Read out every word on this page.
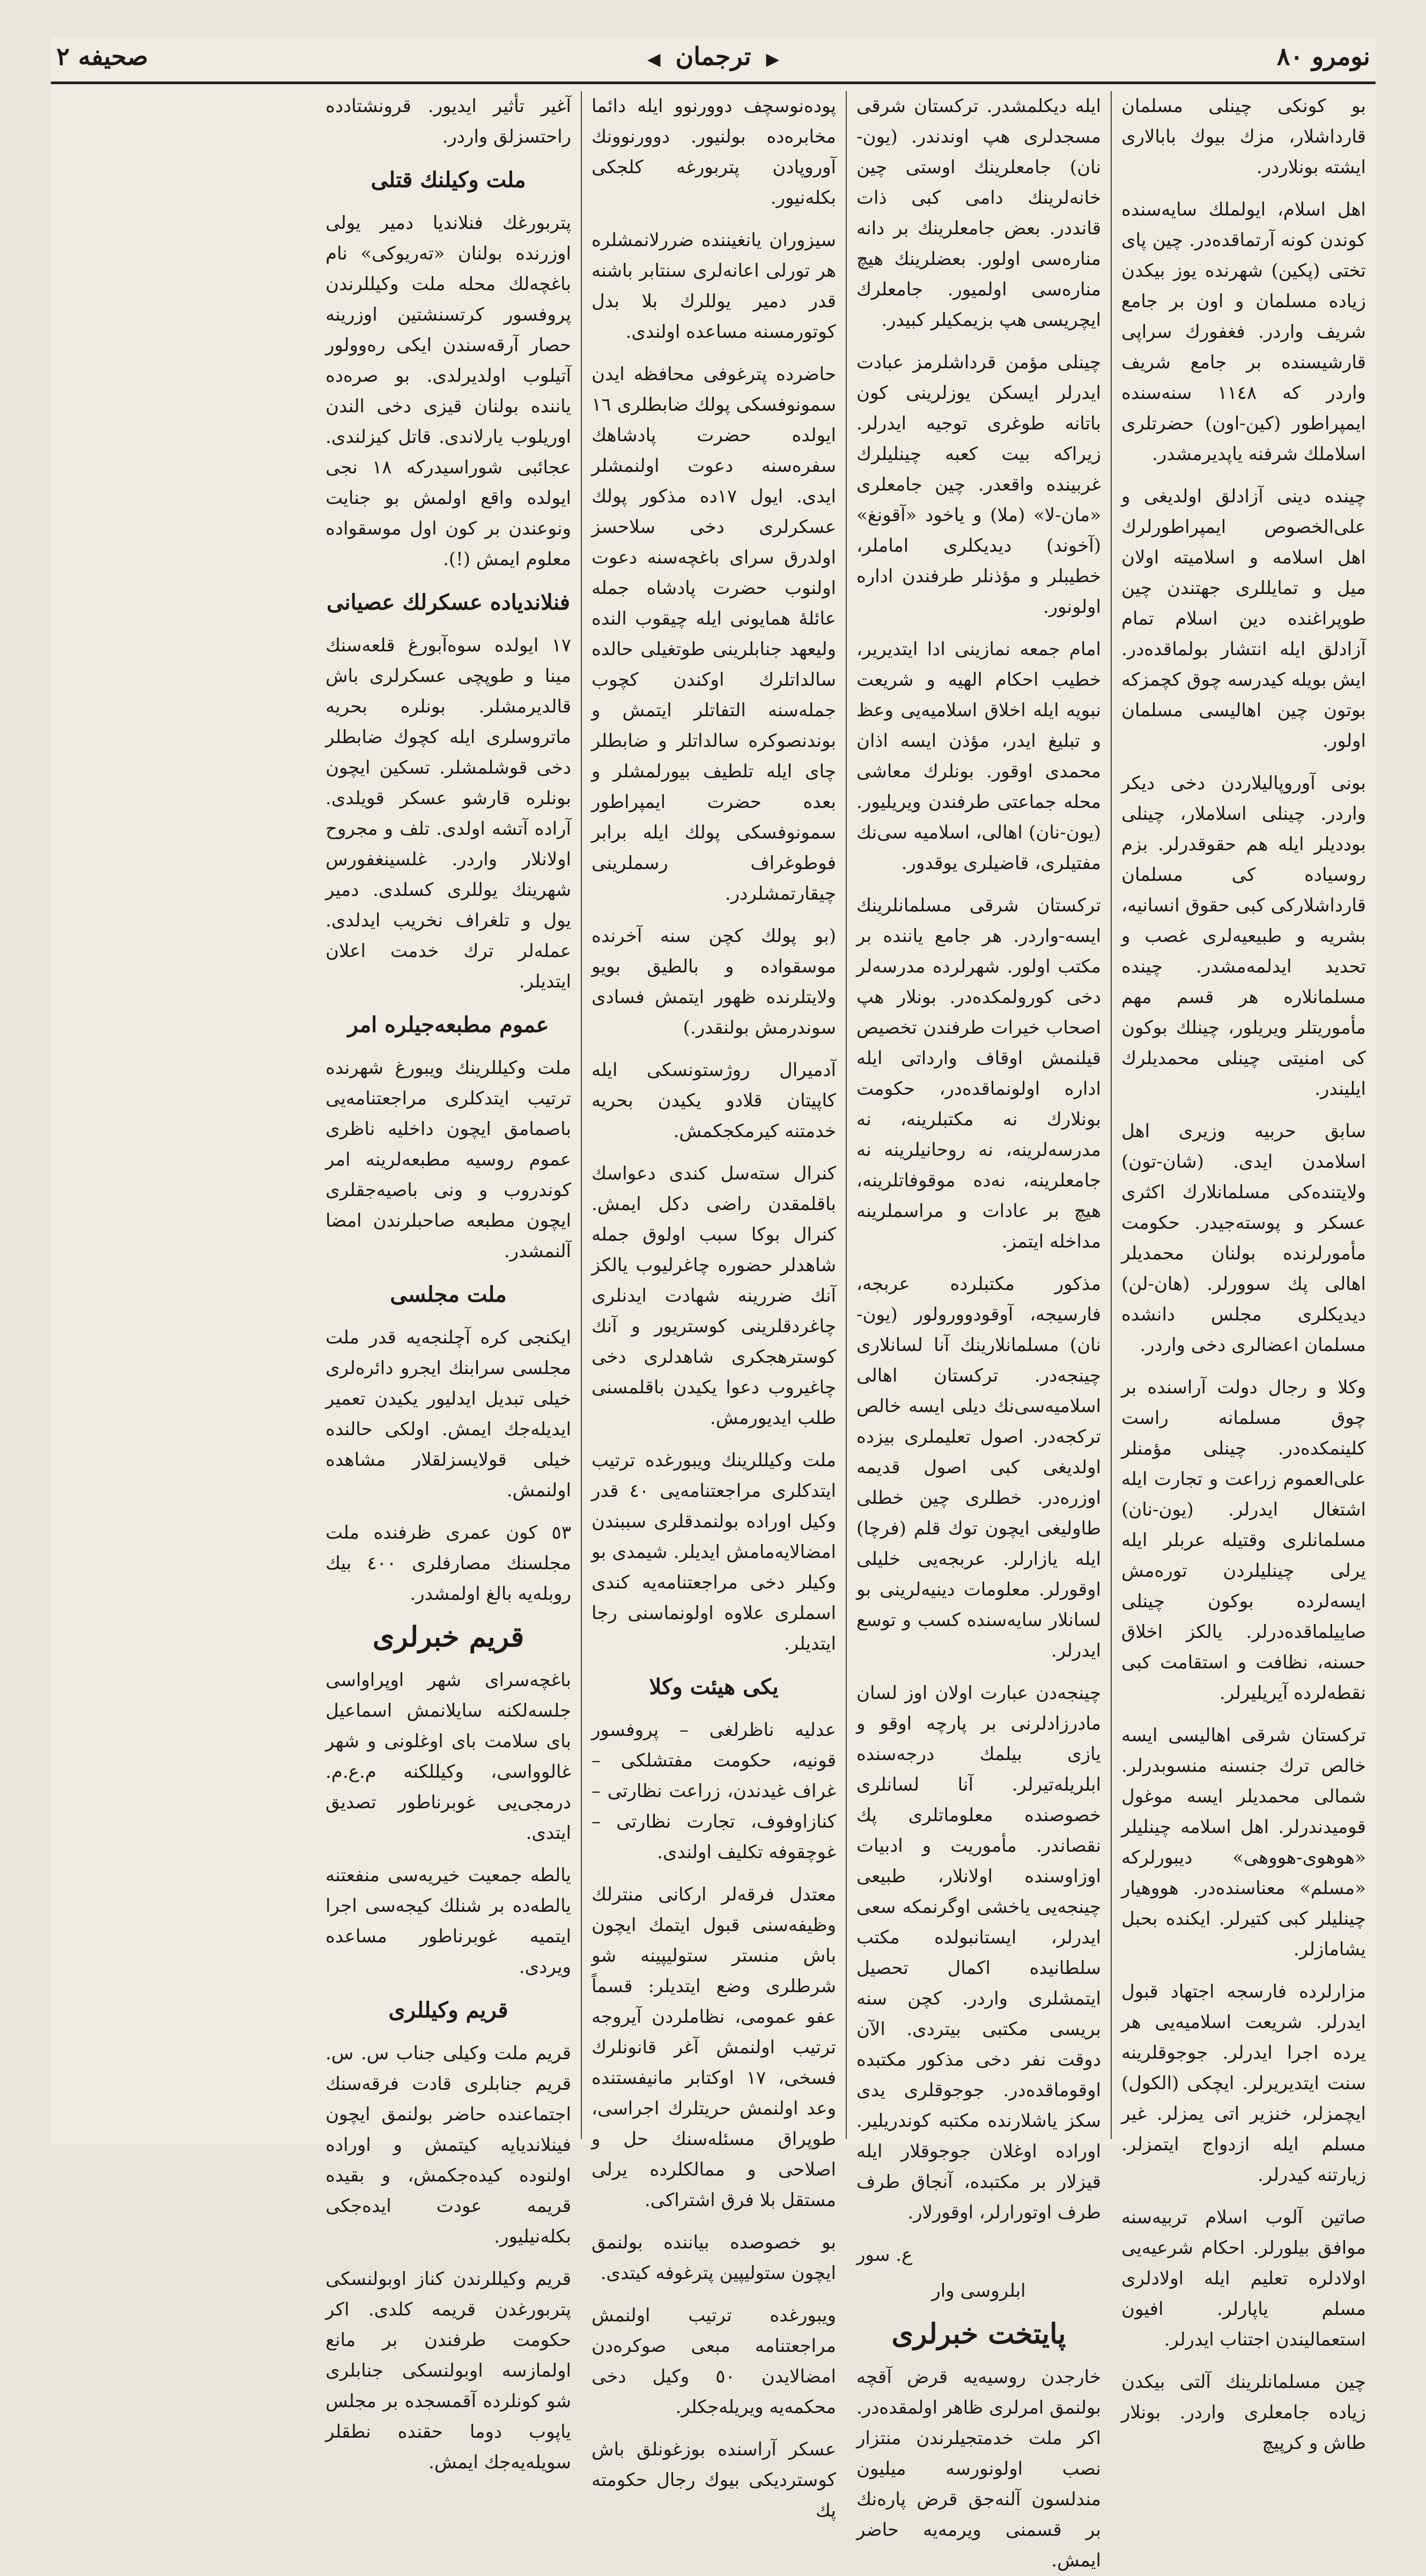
نومرو ٨٠
▶ ترجمان ◀
صحیفه ٢

بو کونکی چینلی مسلمان قارداشلار، مزك بیوك بابالاری ایشته بونلاردر.

اهل اسلام، ایولملك سایه‌سنده کوندن کونه آرتماقده‌در. چین پای تختی (پکین) شهرنده یوز بیکدن زیاده مسلمان و اون بر جامع شریف واردر. فغفورك سراپی قارشیسنده بر جامع شریف واردر که ١١٤٨ سنه‌سنده ایمپراطور (کین-اون) حضرتلری اسلاملك شرفنه یاپدیرمشدر.

چینده دینی آزادلق اولدیغی و علی‌الخصوص ایمپراطورلرك اهل اسلامه و اسلامیته اولان میل و تمایللری جهتندن چین طوپراغنده دین اسلام تمام آزادلق ایله انتشار بولماقده‌در. ایش بویله کیدرسه چوق کچمزکه بوتون چین اهالیسی مسلمان اولور.

بونی آوروپالیلاردن دخی دیکر واردر. چینلی اسلاملار، چینلی بوددیلر ایله هم حقوقدرلر. بزم روسیاده کی مسلمان قارداشلارکی کبی حقوق انسانیه، بشریه و طبیعیه‌لری غصب و تحدید ایدلمه‌مشدر. چینده مسلمانلاره هر قسم مهم مأموریتلر ویریلور، چینلك بوکون کی امنیتی چینلی محمدیلرك ایلیندر.

سابق حربیه وزیری اهل اسلامدن ایدی. (شان-تون) ولایتنده‌کی مسلمانلارك اکثری عسکر و پوسته‌جیدر. حکومت مأمورلرنده بولنان محمدیلر اهالی پك سوورلر. (هان-لن) دیدیکلری مجلس دانشده مسلمان اعضالری دخی واردر.

وکلا و رجال دولت آراسنده بر چوق مسلمانه راست کلینمکده‌در. چینلی مؤمنلر علی‌العموم زراعت و تجارت ایله اشتغال ایدرلر. (یون-نان) مسلمانلری وقتیله عربلر ایله یرلی چینلیلردن توره‌مش ایسه‌لرده بوکون چینلی صاییلماقده‌درلر. یالکز اخلاق حسنه، نظافت و استقامت کبی نقطه‌لرده آیریلیرلر.

ترکستان شرقی اهالیسی ایسه خالص ترك جنسنه منسوبدرلر. شمالی محمدیلر ایسه موغول قومیدندرلر. اهل اسلامه چینلیلر «هوهوی-هووهی» دیبورلرکه «مسلم» معناسنده‌در. هووهیار چینلیلر کبی کتیرلر. ایکنده بحبل یشامازلر.

مزارلرده فارسجه اجتهاد قبول ایدرلر. شریعت اسلامیه‌یی هر یرده اجرا ایدرلر. جوجوقلرینه سنت ایتدیریرلر. ایچکی (الکول) ایچمزلر، خنزیر اتی یمزلر. غیر مسلم ایله ازدواج ایتمزلر. زیارتنه کیدرلر.

صاتین آلوب اسلام تربیه‌سنه موافق بیلورلر. احکام شرعیه‌یی اولادلره تعلیم ایله اولادلری مسلم یاپارلر. افیون استعمالیندن اجتناب ایدرلر.

چین مسلمانلرینك آلتی بیکدن زیاده جامعلری واردر. بونلار طاش و کرپیچ

ایله دیکلمشدر. ترکستان شرقی مسجدلری هپ اوندندر. (یون-نان) جامعلرینك اوستی چین خانه‌لرینك دامی کبی ذات قانددر. بعض جامعلرینك بر دانه مناره‌سی اولور. بعضلرینك هیچ مناره‌سی اولمیور. جامعلرك ایچریسی هپ بزیمکیلر کبیدر.

چینلی مؤمن قرداشلرمز عبادت ایدرلر ایسکن یوزلرینی کون باتانه طوغری توجیه ایدرلر. زیراکه بیت کعبه چینلیلرك غربینده واقعدر. چین جامعلری «مان-لا» (ملا) و یاخود «آقونغ» (آخوند) دیدیکلری اماملر، خطیبلر و مؤذنلر طرفندن اداره اولونور.

امام جمعه نمازینی ادا ایتدیریر، خطیب احکام الهیه و شریعت نبویه ایله اخلاق اسلامیه‌یی وعظ و تبلیغ ایدر، مؤذن ایسه اذان محمدی اوقور. بونلرك معاشی محله جماعتی طرفندن ویریلیور. (یون-نان) اهالی، اسلامیه سی‌نك مفتیلری، قاضیلری یوقدور.

ترکستان شرقی مسلمانلرینك ایسه-واردر. هر جامع یاننده بر مکتب اولور. شهرلرده مدرسه‌لر دخی کورولمکده‌در. بونلار هپ اصحاب خیرات طرفندن تخصیص قیلنمش اوقاف وارداتی ایله اداره اولونماقده‌در، حکومت بونلارك نه مکتبلرینه، نه مدرسه‌لرینه، نه روحانیلرینه نه جامعلرینه، نه‌ده موقوفاتلرینه، هیچ بر عادات و مراسملرینه مداخله ایتمز.

مذکور مکتبلرده عربجه، فارسیجه، آوقودوورولور (یون-نان) مسلمانلارینك آنا لسانلاری چینجه‌در. ترکستان اهالی اسلامیه‌سی‌نك دیلی ایسه خالص ترکجه‌در. اصول تعلیملری بیزده اولدیغی کبی اصول قدیمه اوزره‌در. خطلری چین خطلی طاولیغی ایچون توك قلم (فرچا) ایله یازارلر. عربجه‌یی خلیلی اوقورلر. معلومات دینیه‌لرینی بو لسانلار سایه‌سنده کسب و توسع ایدرلر.

چینجه‌دن عبارت اولان اوز لسان مادرزادلرنی بر پارچه اوقو و یازی بیلمك درجه‌سنده ابلریله‌تیرلر. آنا لسانلری خصوصنده معلوماتلری پك نقصاندر. مأموریت و ادبیات اوزاوسنده اولانلار، طبیعی چینجه‌یی یاخشی اوگرنمکه سعی ایدرلر، ایستانبولده مکتب سلطانیده اکمال تحصیل ایتمشلری واردر. کچن سنه بریسی مکتبی بیتردی. الآن دوقت نفر دخی مذکور مکتبده اوقوماقده‌در. جوجوقلری یدی سکز یاشلارنده مکتبه کوندریلیر. اوراده اوغلان جوجوقلار ایله قیزلار بر مکتبده، آنجاق طرف طرف اوتورارلر، اوقورلار.

ع. سور

ابلروسی وار

پایتخت خبرلری

خارجدن روسیه‌یه قرض آقچه بولنمق امرلری ظاهر اولمقده‌در. اکر ملت خدمتجیلرندن منتزار نصب اولونورسه میلیون مندلسون آلنه‌جق قرض پاره‌نك بر قسمنی ویرمه‌یه حاضر ایمش.

پوده‌نوسچف دوورنوو ایله دائما مخابره‌ده بولنیور. دوورنوونك آوروپادن پتربورغه کلجکی بکله‌نیور.

سیزوران یانغیننده ضررلانمشلره هر تورلی اعانه‌لری سنتابر باشنه قدر دمیر یوللرك بلا بدل کوتورمسنه مساعده اولندی.

حاضرده پترغوفی محافظه ایدن سمونوفسکی پولك ضابطلری ١٦ ایولده حضرت پادشاهك سفره‌سنه دعوت اولنمشلر ایدی. ایول ١٧ده مذکور پولك عسکرلری دخی سلاحسز اولدرق سرای باغچه‌سنه دعوت اولنوب حضرت پادشاه جمله عائلهٔ همایونی ایله چیقوب النده ولیعهد جنابلرینی طوتغیلی حالده سالداتلرك اوکندن کچوب جمله‌سنه التفاتلر ایتمش و بوندنصوکره سالداتلر و ضابطلر چای ایله تلطیف بیورلمشلر و بعده حضرت ایمپراطور سمونوفسکی پولك ایله برابر فوطوغراف رسملرینی چیقارتمشلردر.

(بو پولك کچن سنه آخرنده موسقواده و بالطیق بویو ولایتلرنده ظهور ایتمش فسادی سوندرمش بولنقدر.)

آدمیرال روژستونسکی ایله کاپیتان قلادو یکیدن بحریه خدمتنه کیرمکجکمش.

کنرال سته‌سل کندی دعواسك باقلمقدن راضی دکل ایمش. کنرال بوکا سبب اولوق جمله شاهدلر حضوره چاغرلیوب یالکز آنك ضررینه شهادت ایدنلری چاغردقلرینی کوستریور و آنك کوسترهجکری شاهدلری دخی چاغیروب دعوا یکیدن باقلمسنی طلب ایدیورمش.

ملت وکیللرینك ویبورغده ترتیب ایتدکلری مراجعتنامه‌یی ٤٠ قدر وکیل اوراده بولنمدقلری سببندن امضالایه‌مامش ایدیلر. شیمدی بو وکیلر دخی مراجعتنامه‌یه کندی اسملری علاوه اولونماسنی رجا ایتدیلر.

یکی هیئت وکلا

عدلیه ناظرلغی – پروفسور قونیه، حکومت مفتشلکی – غراف غیدندن، زراعت نظارتی – کنازاوفوف، تجارت نظارتی – غوچقوفه تکلیف اولندی.

معتدل فرقه‌لر ارکانی منترلك وظیفه‌سنی قبول ایتمك ایچون باش منستر ستولیپینه شو شرطلری وضع ایتدیلر: قسماً عفو عمومی، نظاملردن آیروجه ترتیب اولنمش آغر قانونلرك فسخی، ١٧ اوکتابر مانیفستنده وعد اولنمش حریتلرك اجراسی، طوپراق مسئله‌سنك حل و اصلاحی و ممالکلرده یرلی مستقل بلا فرق اشتراکی.

بو خصوصده بیاننده بولنمق ایچون ستولیپین پترغوفه کیتدی.

ویبورغده ترتیب اولنمش مراجعتنامه مبعی صوکره‌دن امضالایدن ٥٠ وکیل دخی محکمه‌یه ویریله‌جکلر.

عسکر آراسنده بوزغونلق باش کوستردیکی بیوك رجال حکومته پك

آغیر تأثیر ایدیور. قرونشتادده راحتسزلق واردر.

ملت وکیلنك قتلی

پتربورغك فنلاندیا دمیر یولی اوزرنده بولنان «تەریوکی» نام باغچه‌لك محله ملت وکیللرندن پروفسور کرتسنشتین اوزرینه حصار آرقه‌سندن ایکی رەوولور آتیلوب اولدیرلدی. بو صره‌ده یاننده بولنان قیزی دخی الندن اوریلوب یارلاندی. قاتل کیزلندی. عجائبی شوراسیدرکه ١٨ نجی ایولده واقع اولمش بو جنایت ونوعندن بر کون اول موسقواده معلوم ایمش (!).

فنلاندیاده عسکرلك عصیانی

١٧ ایولده سوه‌آبورغ قلعه‌سنك مینا و طوپچی عسکرلری باش قالدیرمشلر. بونلره بحریه ماتروسلری ایله کچوك ضابطلر دخی قوشلمشلر. تسکین ایچون بونلره قارشو عسکر قویلدی. آراده آتشه اولدی. تلف و مجروح اولانلار واردر. غلسینغفورس شهرینك یوللری کسلدی. دمیر یول و تلغراف نخریب ایدلدی. عمله‌لر ترك خدمت اعلان ایتدیلر.

عموم مطبعه‌جیلره امر

ملت وکیللرینك ویبورغ شهرنده ترتیب ایتدکلری مراجعتنامه‌یی باصمامق ایچون داخلیه ناظری عموم روسیه مطبعه‌لرینه امر کوندروب و ونی باصیه‌جقلری ایچون مطبعه صاحبلرندن امضا آلنمشدر.

ملت مجلسی

ایکنجی کره آچلنجه‌یه قدر ملت مجلسی سرابنك ایجرو دائره‌لری خیلی تبدیل ایدلیور یکیدن تعمیر ایدیله‌جك ایمش. اولکی حالنده خیلی قولایسزلقلار مشاهده اولنمش.

٥٣ کون عمری ظرفنده ملت مجلسنك مصارفلری ٤٠٠ بیك روبله‌یه بالغ اولمشدر.

قریم خبرلری

باغچه‌سرای شهر اوپراواسی جلسه‌لکنه سایلانمش اسماعیل بای سلامت بای اوغلونی و شهر غالوواسی، وکیللکنه م.ع.م. درمجی‌یی غوبرناطور تصدیق ایتدی.

یالطه جمعیت خیریه‌سی منفعتنه یالطه‌ده بر شنلك کیجه‌سی اجرا ایتمیه غوبرناطور مساعده ویردی.

قریم وکیللری

قریم ملت وکیلی جناب س. س. قریم جنابلری قادت فرقه‌سنك اجتماعنده حاضر بولنمق ایچون فینلاندیایه کیتمش و اوراده اولنوده کیده‌جکمش، و بقیده قریمه عودت ایده‌جکی بکله‌نیلیور.

قریم وکیللرندن کناز اوبولنسکی پتربورغدن قریمه کلدی. اکر حکومت طرفندن بر مانع اولمازسه اوبولنسکی جنابلری شو کونلرده آقمسجده بر مجلس یاپوب دوما حقنده نطقلر سویله‌یه‌جك ایمش.
